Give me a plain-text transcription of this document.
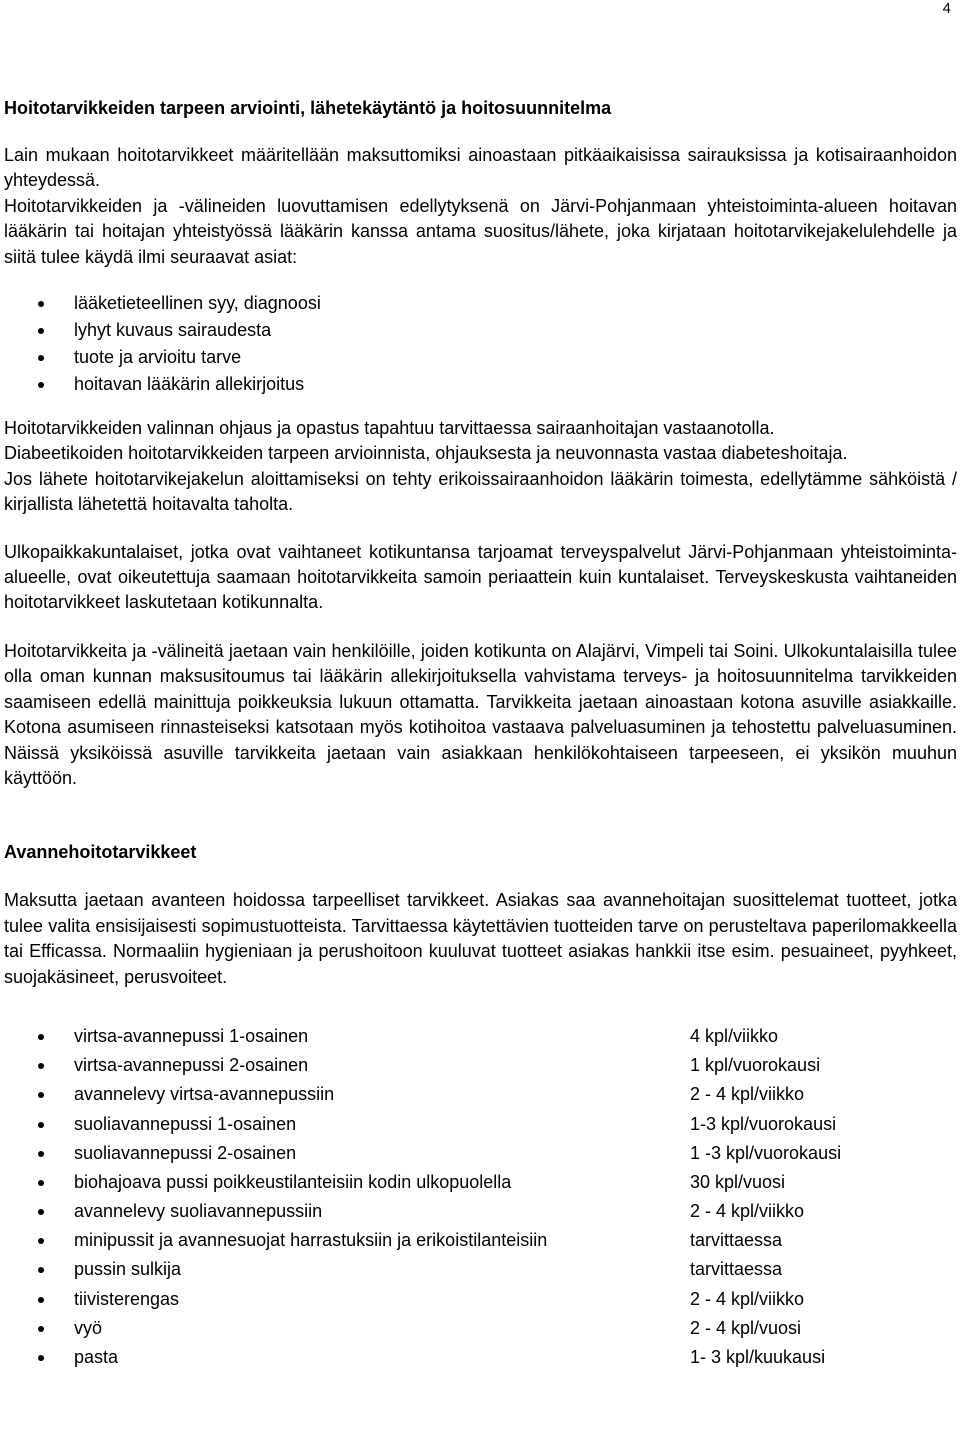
4
Hoitotarvikkeiden tarpeen arviointi, lähetekäytäntö ja hoitosuunnitelma

Lain mukaan hoitotarvikkeet määritellään maksuttomiksi ainoastaan pitkäaikaisissa sairauksissa ja kotisairaanhoidon yhteydessä.

Hoitotarvikkeiden ja -välineiden luovuttamisen edellytyksenä on Järvi-Pohjanmaan yhteistoiminta-alueen hoitavan lääkärin tai hoitajan yhteistyössä lääkärin kanssa antama suositus/lähete, joka kirjataan hoitotarvikejakelulehdelle ja siitä tulee käydä ilmi seuraavat asiat:

lääketieteellinen syy, diagnoosi
lyhyt kuvaus sairaudesta
tuote ja arvioitu tarve
hoitavan lääkärin allekirjoitus

Hoitotarvikkeiden valinnan ohjaus ja opastus tapahtuu tarvittaessa sairaanhoitajan vastaanotolla.

Diabeetikoiden hoitotarvikkeiden tarpeen arvioinnista, ohjauksesta ja neuvonnasta vastaa diabeteshoitaja.

Jos lähete hoitotarvikejakelun aloittamiseksi on tehty erikoissairaanhoidon lääkärin toimesta, edellytämme sähköistä / kirjallista lähetettä hoitavalta taholta.

Ulkopaikkakuntalaiset, jotka ovat vaihtaneet kotikuntansa tarjoamat terveyspalvelut Järvi-Pohjanmaan yhteistoiminta-alueelle, ovat oikeutettuja saamaan hoitotarvikkeita samoin periaattein kuin kuntalaiset. Terveyskeskusta vaihtaneiden hoitotarvikkeet laskutetaan kotikunnalta.

Hoitotarvikkeita ja -välineitä jaetaan vain henkilöille, joiden kotikunta on Alajärvi, Vimpeli tai Soini. Ulkokuntalaisilla tulee olla oman kunnan maksusitoumus tai lääkärin allekirjoituksella vahvistama terveys- ja hoitosuunnitelma tarvikkeiden saamiseen edellä mainittuja poikkeuksia lukuun ottamatta. Tarvikkeita jaetaan ainoastaan kotona asuville asiakkaille. Kotona asumiseen rinnasteiseksi katsotaan myös kotihoitoa vastaava palveluasuminen ja tehostettu palveluasuminen. Näissä yksiköissä asuville tarvikkeita jaetaan vain asiakkaan henkilökohtaiseen tarpeeseen, ei yksikön muuhun käyttöön.

Avannehoitotarvikkeet

Maksutta jaetaan avanteen hoidossa tarpeelliset tarvikkeet. Asiakas saa avannehoitajan suosittelemat tuotteet, jotka tulee valita ensisijaisesti sopimustuotteista. Tarvittaessa käytettävien tuotteiden tarve on perusteltava paperilomakkeella tai Efficassa. Normaaliin hygieniaan ja perushoitoon kuuluvat tuotteet asiakas hankkii itse esim. pesuaineet, pyyhkeet, suojakäsineet, perusvoiteet.

virtsa-avannepussi 1-osainen	4 kpl/viikko
virtsa-avannepussi 2-osainen	1 kpl/vuorokausi
avannelevy virtsa-avannepussiin	2 - 4 kpl/viikko
suoliavannepussi 1-osainen	1-3 kpl/vuorokausi
suoliavannepussi 2-osainen	1 -3 kpl/vuorokausi
biohajoava pussi poikkeustilanteisiin kodin ulkopuolella	30 kpl/vuosi
avannelevy suoliavannepussiin	2 - 4 kpl/viikko
minipussit ja avannesuojat harrastuksiin ja erikoistilanteisiin	tarvittaessa
pussin sulkija	tarvittaessa
tiivisterengas	2 - 4 kpl/viikko
vyö	2 - 4 kpl/vuosi
pasta	1- 3 kpl/kuukausi
